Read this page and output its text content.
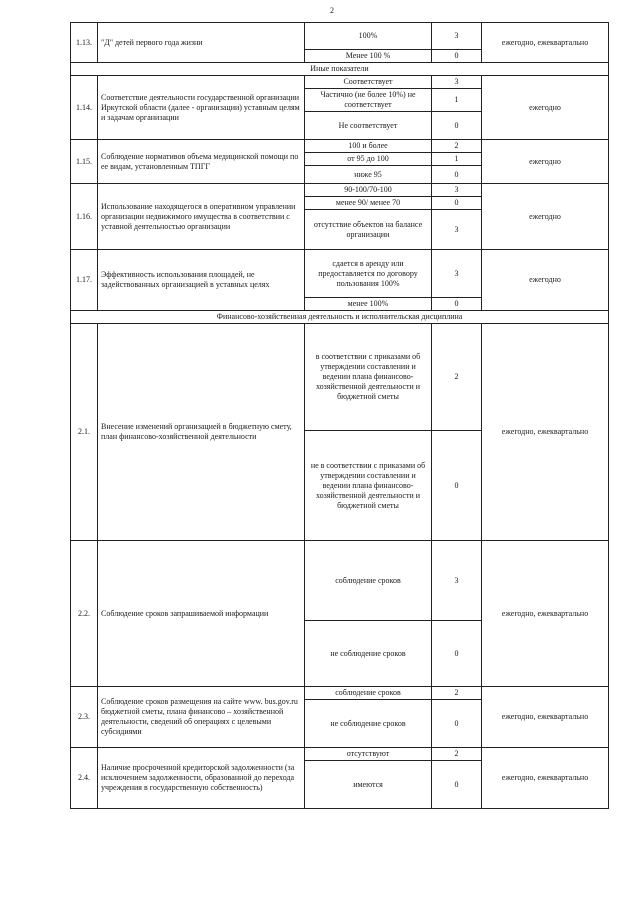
2
1.13.	"Д" детей первого года жизни	100%	3	ежегодно, ежеквартально
		Менее 100 %	0	
Иные показатели				
1.14.	Соответствие деятельности государственной организации Иркутской области (далее - организации) уставным целям и задачам организации	Соответствует	3	ежегодно
		Частично (не более 10%) не соответствует	1	
		Не соответствует	0	
1.15.	Соблюдение нормативов объема медицинской помощи по ее видам, установленным ТПГГ	100 и более	2	ежегодно
		от 95 до 100	1	
		ниже 95	0	
1.16.	Использование находящегося в оперативном управлении организации недвижимого имущества в соответствии с уставной деятельностью организации	90-100/70-100	3	ежегодно
		менее 90/ менее 70	0	
		отсутствие объектов на балансе организации	3	
1.17.	Эффективность использования площадей, не задействованных организацией в уставных целях	сдается в аренду или предоставляется по договору пользования 100%	3	ежегодно
		менее 100%	0	
Финансово-хозяйственная деятельность и исполнительская дисциплина				
2.1.	Внесение изменений организацией в бюджетную смету, план финансово-хозяйственной деятельности	в соответствии с приказами об утверждении составлении и ведении плана финансово-хозяйственной деятельности и бюджетной сметы	2	ежегодно, ежеквартально
		не в соответствии с приказами об утверждении составлении и ведении плана финансово-хозяйственной деятельности и бюджетной сметы	0	
2.2.	Соблюдение сроков запрашиваемой информации	соблюдение сроков	3	ежегодно, ежеквартально
		не соблюдение сроков	0	
2.3.	Соблюдение сроков размещения на сайте www. bus.gov.ru бюджетной сметы, плана финансово – хозяйственной деятельности, сведений об операциях с целевыми субсидиями	соблюдение сроков	2	ежегодно, ежеквартально
		не соблюдение сроков	0	
2.4.	Наличие просроченной кредиторской задолженности (за исключением задолженности, образованной до перехода учреждения в государственную собственность)	отсутствуют	2	ежегодно, ежеквартально
		имеются	0	
